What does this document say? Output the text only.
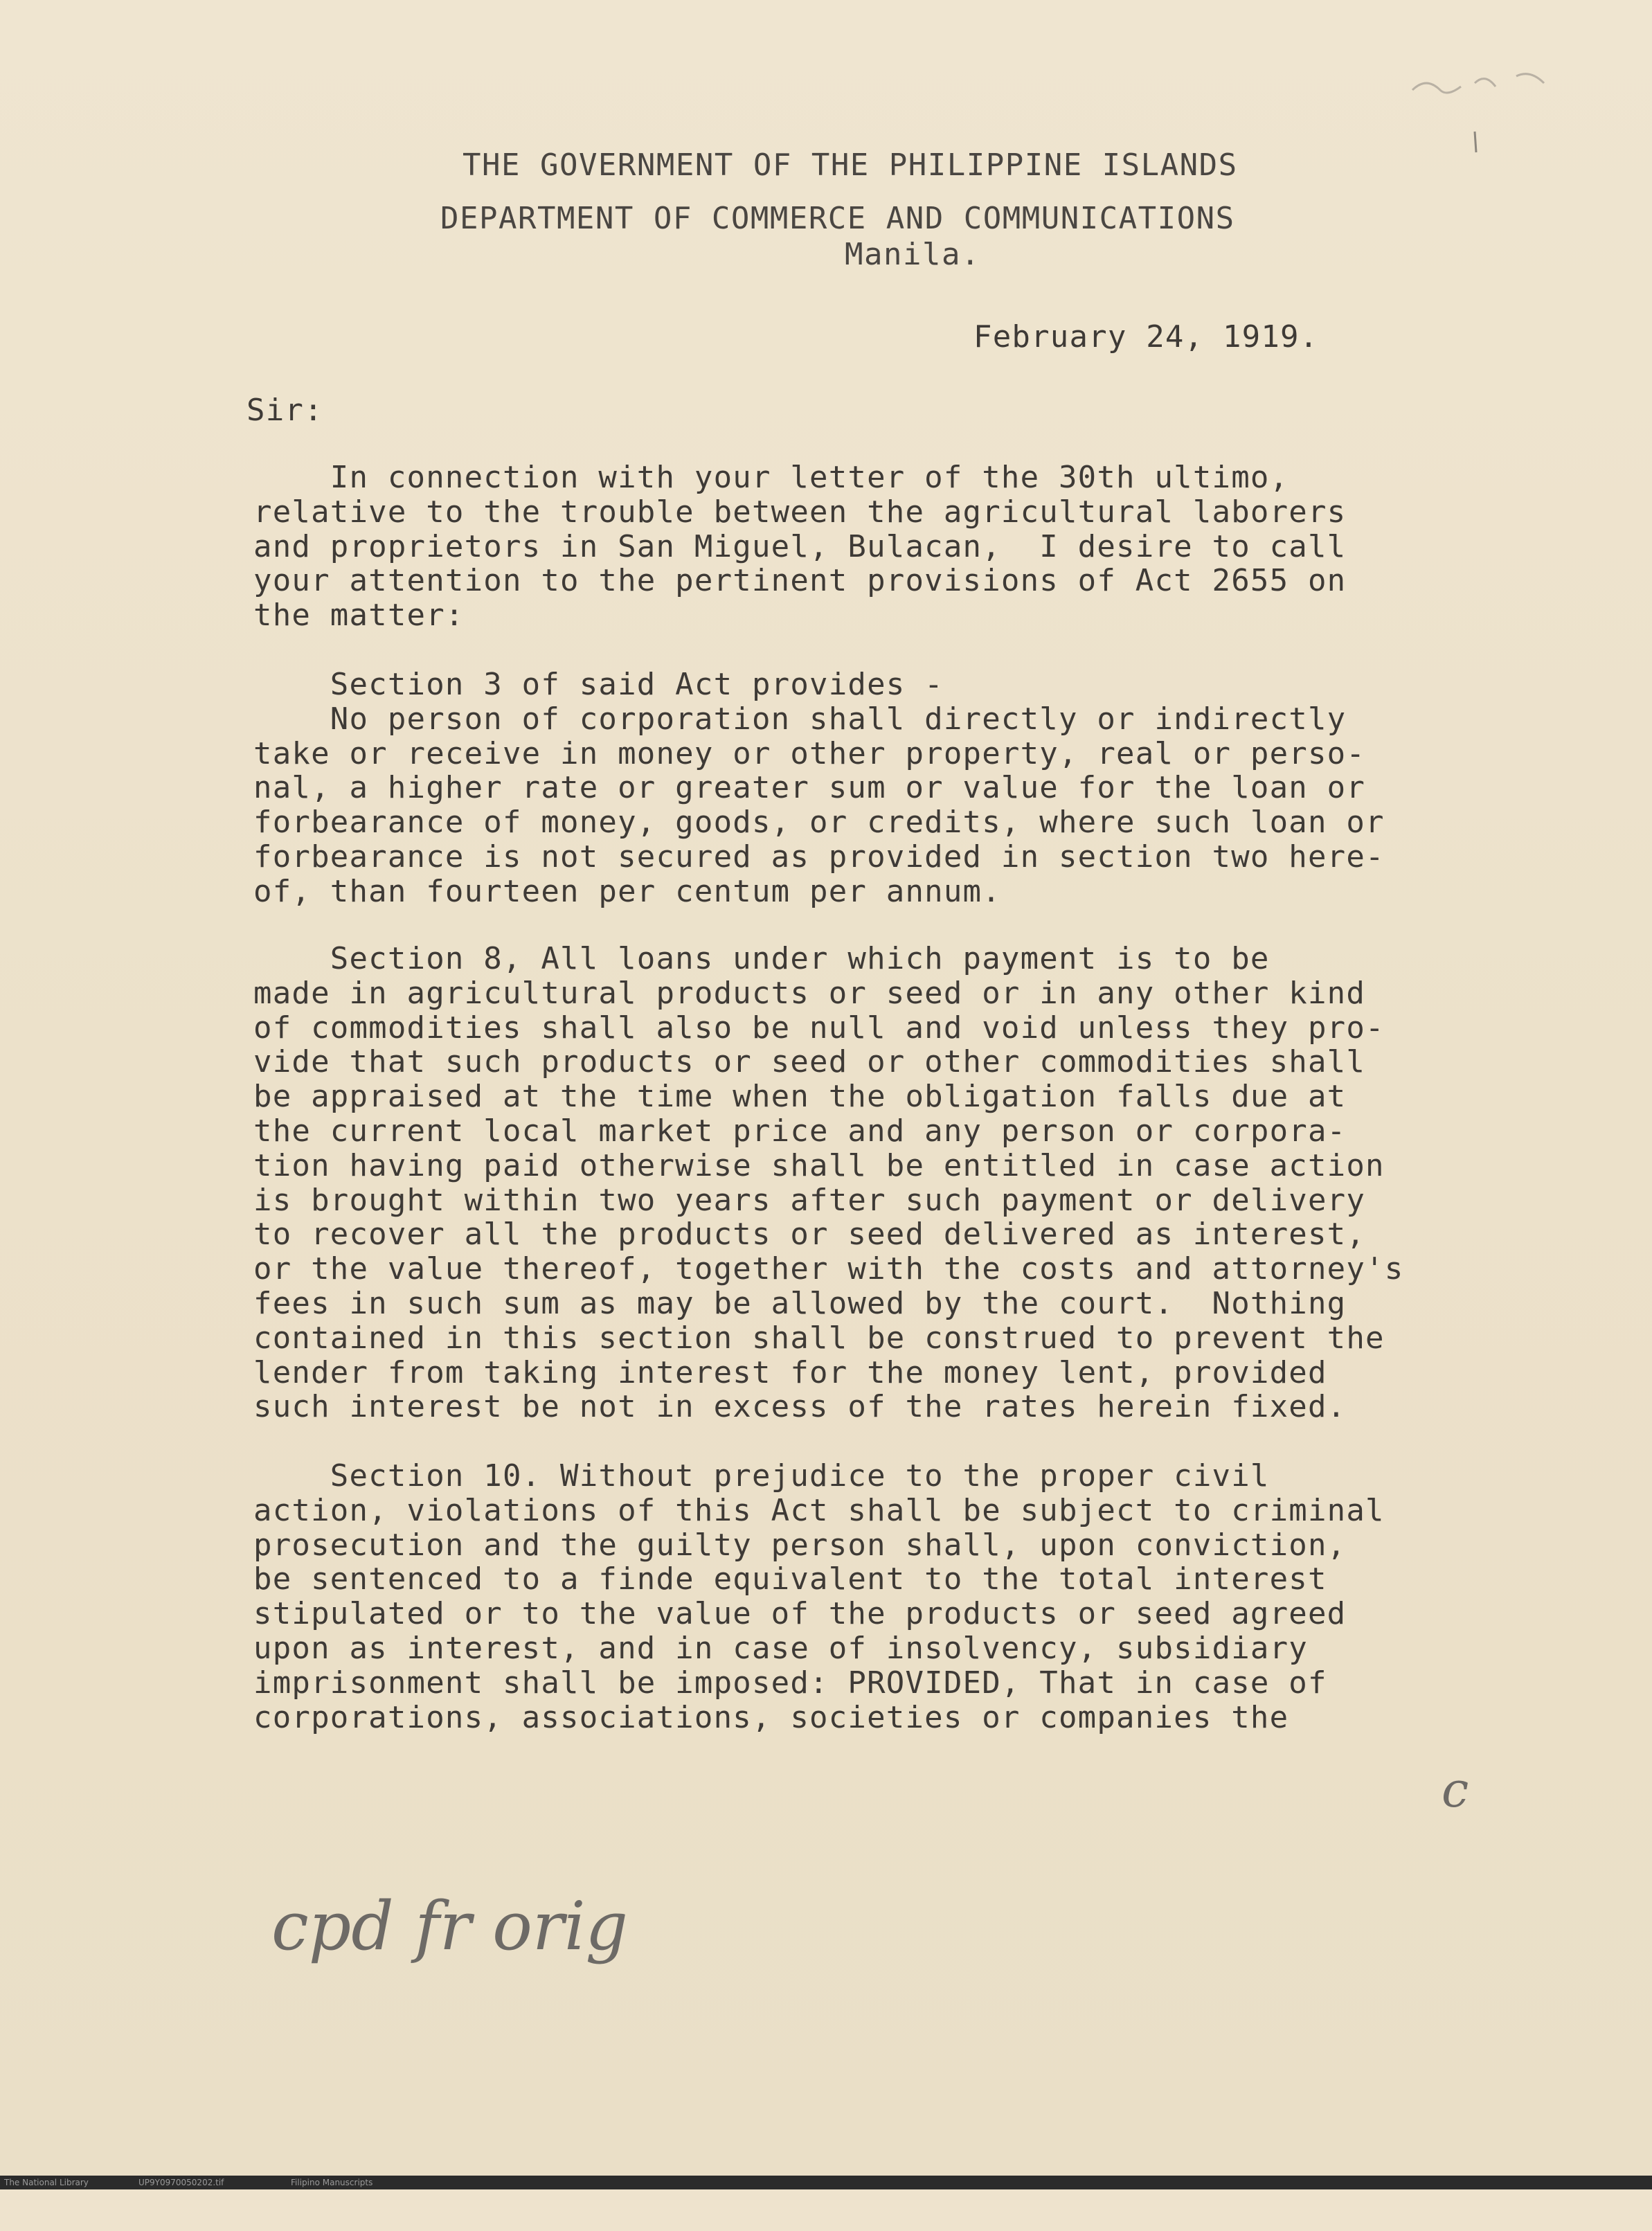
THE GOVERNMENT OF THE PHILIPPINE ISLANDS
DEPARTMENT OF COMMERCE AND COMMUNICATIONS
Manila.
February 24, 1919.
Sir:
In connection with your letter of the 30th ultimo,
relative to the trouble between the agricultural laborers
and proprietors in San Miguel, Bulacan,  I desire to call
your attention to the pertinent provisions of Act 2655 on
the matter:
Section 3 of said Act provides -
No person of corporation shall directly or indirectly
take or receive in money or other property, real or perso-
nal, a higher rate or greater sum or value for the loan or
forbearance of money, goods, or credits, where such loan or
forbearance is not secured as provided in section two here-
of, than fourteen per centum per annum.
Section 8, All loans under which payment is to be
made in agricultural products or seed or in any other kind
of commodities shall also be null and void unless they pro-
vide that such products or seed or other commodities shall
be appraised at the time when the obligation falls due at
the current local market price and any person or corpora-
tion having paid otherwise shall be entitled in case action
is brought within two years after such payment or delivery
to recover all the products or seed delivered as interest,
or the value thereof, together with the costs and attorney's
fees in such sum as may be allowed by the court.  Nothing
contained in this section shall be construed to prevent the
lender from taking interest for the money lent, provided
such interest be not in excess of the rates herein fixed.
Section 10. Without prejudice to the proper civil
action, violations of this Act shall be subject to criminal
prosecution and the guilty person shall, upon conviction,
be sentenced to a finde equivalent to the total interest
stipulated or to the value of the products or seed agreed
upon as interest, and in case of insolvency, subsidiary
imprisonment shall be imposed: PROVIDED, That in case of
corporations, associations, societies or companies the
c
cpd fr orig

The National Library

	UP9Y0970050202.tif

	Filipino Manuscripts
